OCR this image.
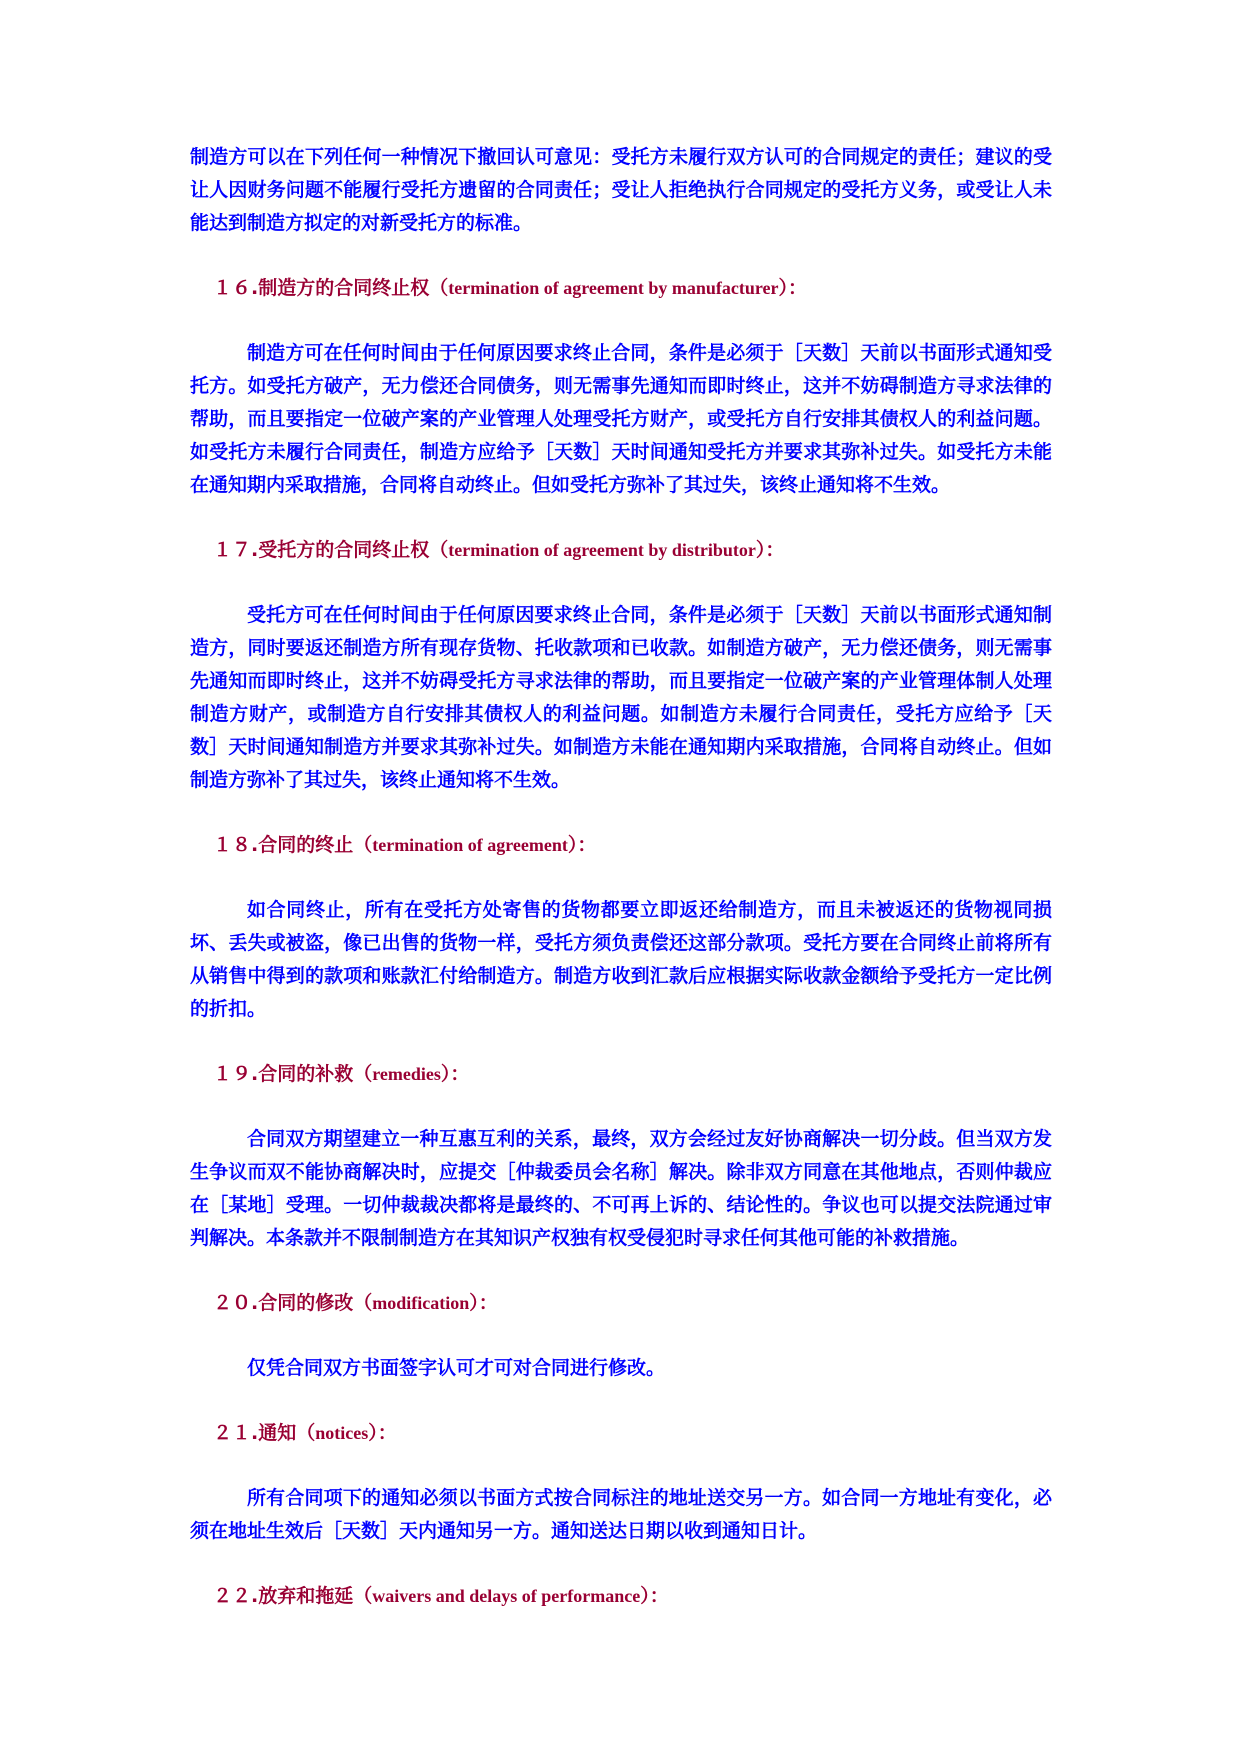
制造方可以在下列任何一种情况下撤回认可意见：受托方未履行双方认可的合同规定的责任；建议的受让人因财务问题不能履行受托方遗留的合同责任；受让人拒绝执行合同规定的受托方义务，或受让人未能达到制造方拟定的对新受托方的标准。

１６.制造方的合同终止权（termination of agreement by manufacturer）：

制造方可在任何时间由于任何原因要求终止合同，条件是必须于［天数］天前以书面形式通知受托方。如受托方破产，无力偿还合同债务，则无需事先通知而即时终止，这并不妨碍制造方寻求法律的帮助，而且要指定一位破产案的产业管理人处理受托方财产，或受托方自行安排其债权人的利益问题。如受托方未履行合同责任，制造方应给予［天数］天时间通知受托方并要求其弥补过失。如受托方未能在通知期内采取措施，合同将自动终止。但如受托方弥补了其过失，该终止通知将不生效。

１７.受托方的合同终止权（termination of agreement by distributor）：

受托方可在任何时间由于任何原因要求终止合同，条件是必须于［天数］天前以书面形式通知制造方，同时要返还制造方所有现存货物、托收款项和已收款。如制造方破产，无力偿还债务，则无需事先通知而即时终止，这并不妨碍受托方寻求法律的帮助，而且要指定一位破产案的产业管理体制人处理制造方财产，或制造方自行安排其债权人的利益问题。如制造方未履行合同责任，受托方应给予［天数］天时间通知制造方并要求其弥补过失。如制造方未能在通知期内采取措施，合同将自动终止。但如制造方弥补了其过失，该终止通知将不生效。

１８.合同的终止（termination of agreement）：

如合同终止，所有在受托方处寄售的货物都要立即返还给制造方，而且未被返还的货物视同损坏、丢失或被盗，像已出售的货物一样，受托方须负责偿还这部分款项。受托方要在合同终止前将所有从销售中得到的款项和账款汇付给制造方。制造方收到汇款后应根据实际收款金额给予受托方一定比例的折扣。

１９.合同的补救（remedies）：

合同双方期望建立一种互惠互利的关系，最终，双方会经过友好协商解决一切分歧。但当双方发生争议而双不能协商解决时，应提交［仲裁委员会名称］解决。除非双方同意在其他地点，否则仲裁应在［某地］受理。一切仲裁裁决都将是最终的、不可再上诉的、结论性的。争议也可以提交法院通过审判解决。本条款并不限制制造方在其知识产权独有权受侵犯时寻求任何其他可能的补救措施。

２０.合同的修改（modification）：

仅凭合同双方书面签字认可才可对合同进行修改。

２１.通知（notices）：

所有合同项下的通知必须以书面方式按合同标注的地址送交另一方。如合同一方地址有变化，必须在地址生效后［天数］天内通知另一方。通知送达日期以收到通知日计。

２２.放弃和拖延（waivers and delays of performance）：
